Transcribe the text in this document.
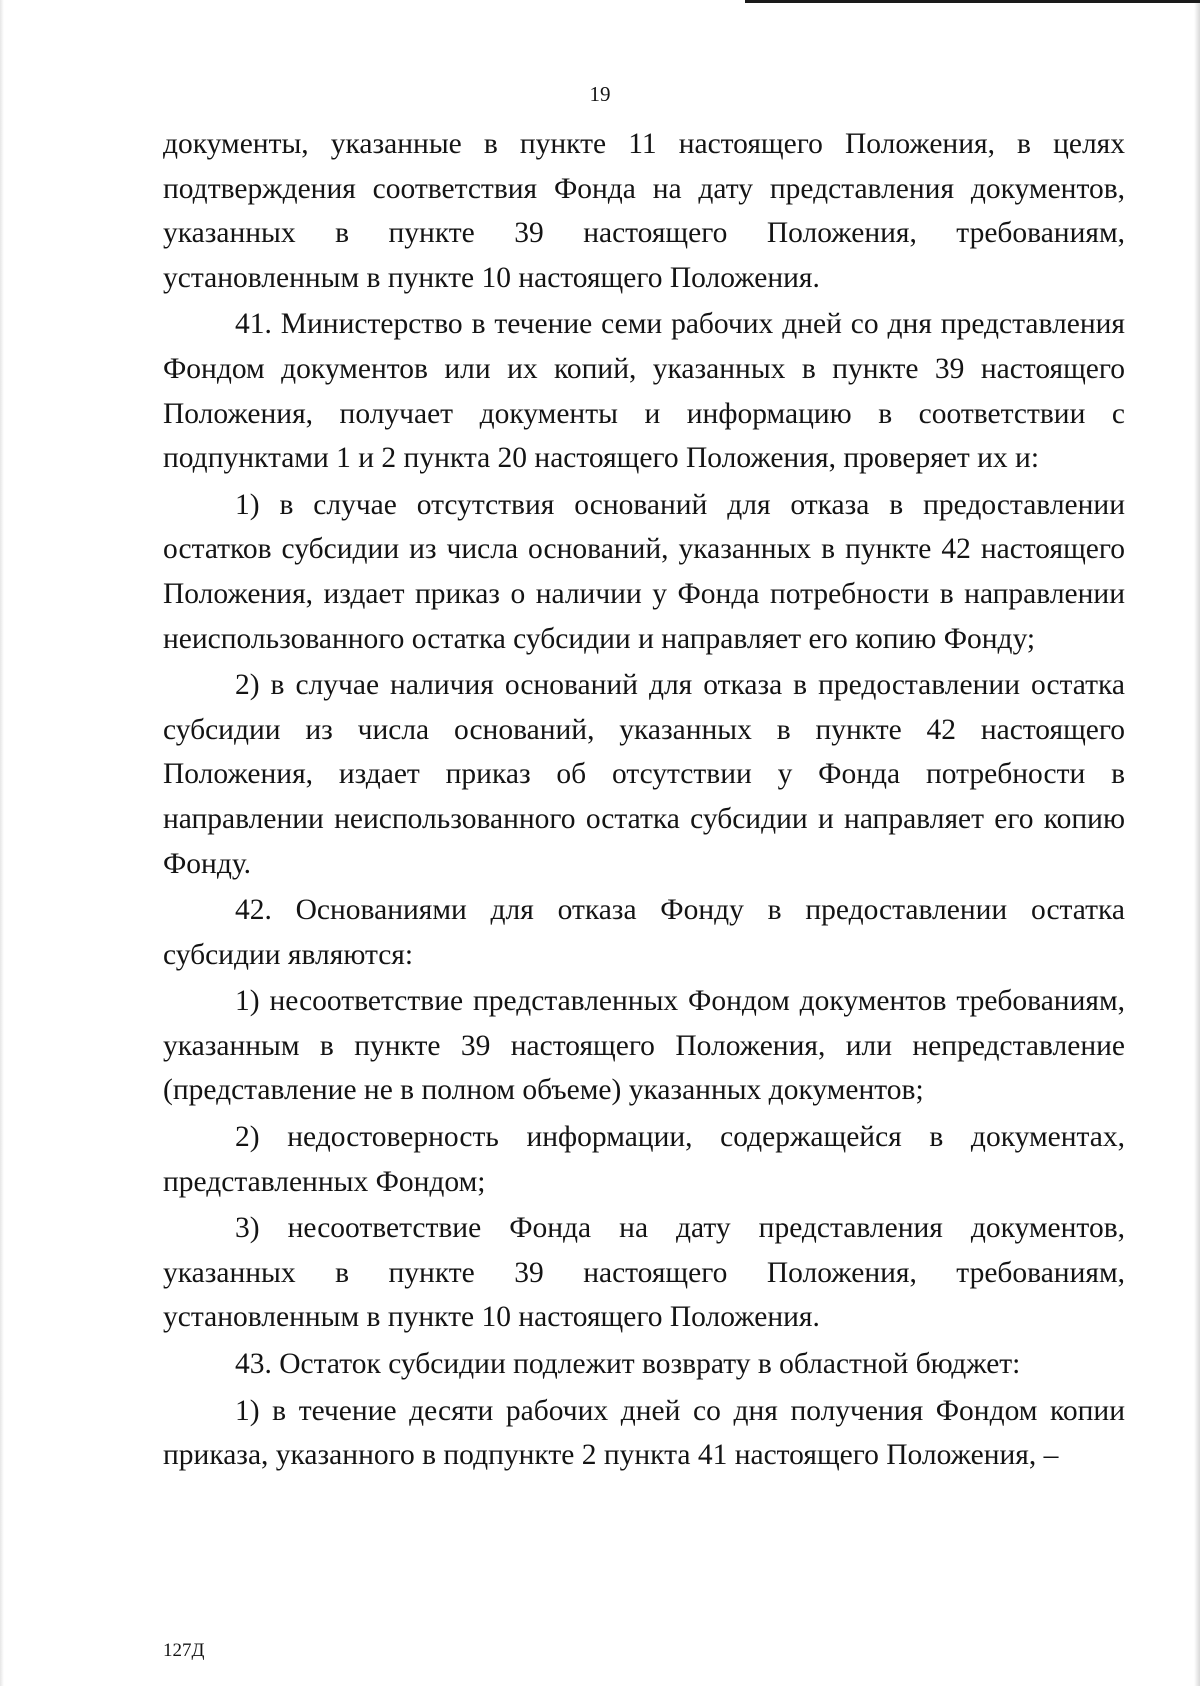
19

документы, указанные в пункте 11 настоящего Положения, в целях подтверждения соответствия Фонда на дату представления документов, указанных в пункте 39 настоящего Положения, требованиям, установленным в пункте 10 настоящего Положения.

41. Министерство в течение семи рабочих дней со дня представления Фондом документов или их копий, указанных в пункте 39 настоящего Положения, получает документы и информацию в соответствии с подпунктами 1 и 2 пункта 20 настоящего Положения, проверяет их и:

1) в случае отсутствия оснований для отказа в предоставлении остатков субсидии из числа оснований, указанных в пункте 42 настоящего Положения, издает приказ о наличии у Фонда потребности в направлении неиспользованного остатка субсидии и направляет его копию Фонду;

2) в случае наличия оснований для отказа в предоставлении остатка субсидии из числа оснований, указанных в пункте 42 настоящего Положения, издает приказ об отсутствии у Фонда потребности в направлении неиспользованного остатка субсидии и направляет его копию Фонду.

42. Основаниями для отказа Фонду в предоставлении остатка субсидии являются:

1) несоответствие представленных Фондом документов требованиям, указанным в пункте 39 настоящего Положения, или непредставление (представление не в полном объеме) указанных документов;

2) недостоверность информации, содержащейся в документах, представленных Фондом;

3) несоответствие Фонда на дату представления документов, указанных в пункте 39 настоящего Положения, требованиям, установленным в пункте 10 настоящего Положения.

43. Остаток субсидии подлежит возврату в областной бюджет:

1) в течение десяти рабочих дней со дня получения Фондом копии приказа, указанного в подпункте 2 пункта 41 настоящего Положения, –

127Д
